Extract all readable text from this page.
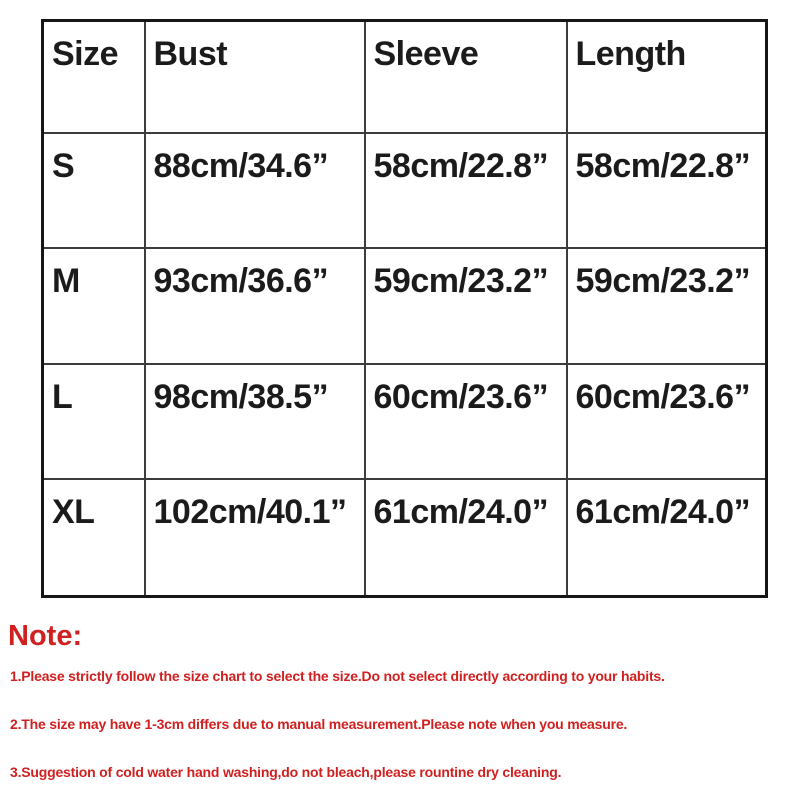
Size	Bust	Sleeve	Length
S	88cm/34.6”	58cm/22.8”	58cm/22.8”
M	93cm/36.6”	59cm/23.2”	59cm/23.2”
L	98cm/38.5”	60cm/23.6”	60cm/23.6”
XL	102cm/40.1”	61cm/24.0”	61cm/24.0”
Note:
1.Please strictly follow the size chart to select the size.Do not select directly according to your habits.
2.The size may have 1-3cm differs due to manual measurement.Please note when you measure.
3.Suggestion of cold water hand washing,do not bleach,please rountine dry cleaning.
